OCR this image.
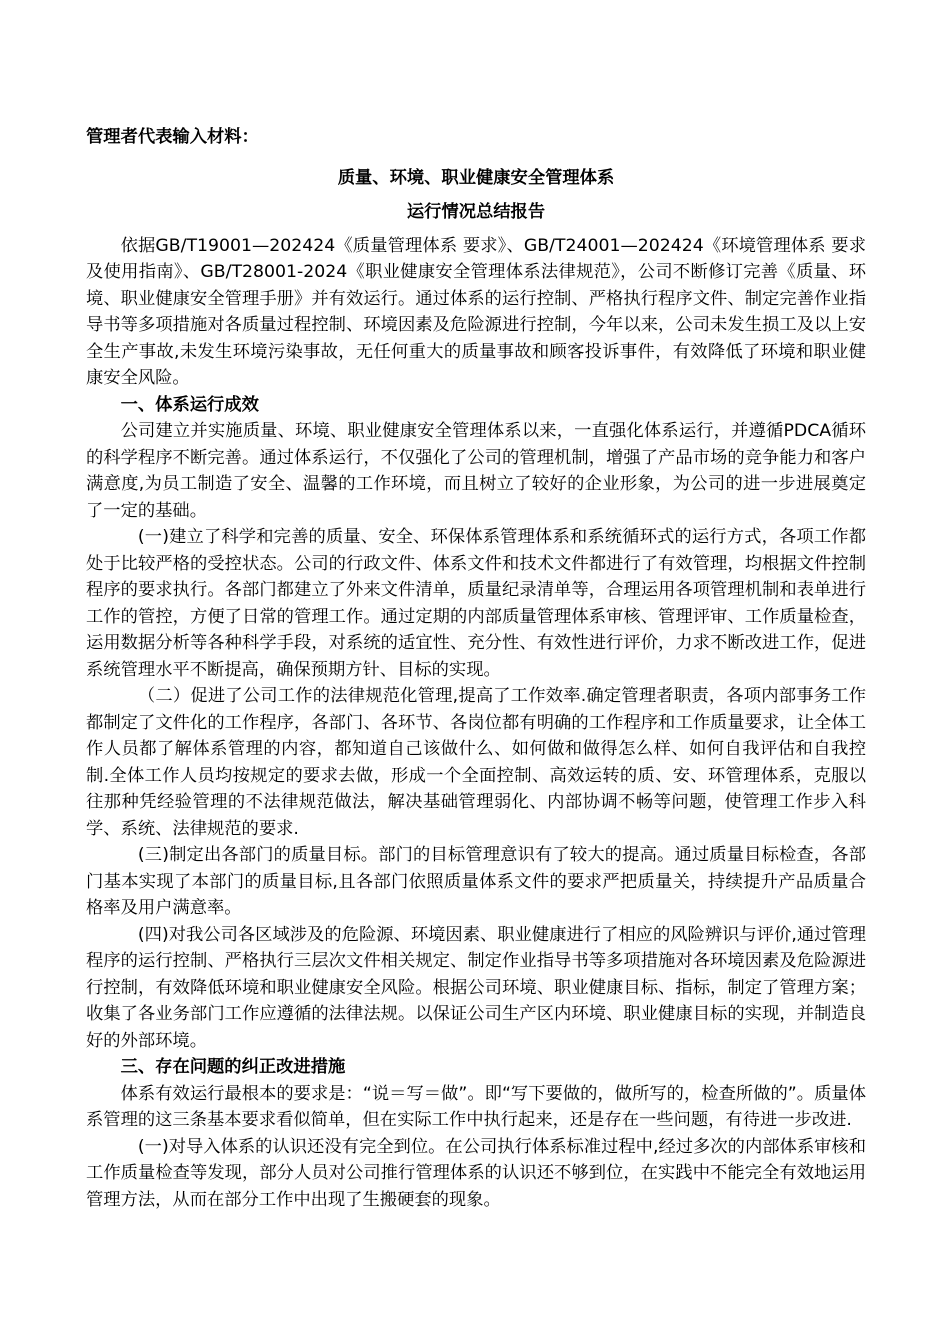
管理者代表输入材料：
质量、环境、职业健康安全管理体系
运行情况总结报告

依据GB/T19001—202424《质量管理体系 要求》、GB/T24001—202424《环境管理体系 要求及使用指南》、GB/T28001-2024《职业健康安全管理体系法律规范》，公司不断修订完善《质量、环境、职业健康安全管理手册》并有效运行。通过体系的运行控制、严格执行程序文件、制定完善作业指导书等多项措施对各质量过程控制、环境因素及危险源进行控制，今年以来，公司未发生损工及以上安全生产事故,未发生环境污染事故，无任何重大的质量事故和顾客投诉事件，有效降低了环境和职业健康安全风险。

一、体系运行成效

公司建立并实施质量、环境、职业健康安全管理体系以来，一直强化体系运行，并遵循PDCA循环的科学程序不断完善。通过体系运行，不仅强化了公司的管理机制，增强了产品市场的竞争能力和客户满意度,为员工制造了安全、温馨的工作环境，而且树立了较好的企业形象，为公司的进一步进展奠定了一定的基础。

(一)建立了科学和完善的质量、安全、环保体系管理体系和系统循环式的运行方式，各项工作都处于比较严格的受控状态。公司的行政文件、体系文件和技术文件都进行了有效管理，均根据文件控制程序的要求执行。各部门都建立了外来文件清单，质量纪录清单等，合理运用各项管理机制和表单进行工作的管控，方便了日常的管理工作。通过定期的内部质量管理体系审核、管理评审、工作质量检查，运用数据分析等各种科学手段，对系统的适宜性、充分性、有效性进行评价，力求不断改进工作，促进系统管理水平不断提高，确保预期方针、目标的实现。

（二）促进了公司工作的法律规范化管理,提高了工作效率.确定管理者职责，各项内部事务工作都制定了文件化的工作程序，各部门、各环节、各岗位都有明确的工作程序和工作质量要求，让全体工作人员都了解体系管理的内容，都知道自己该做什么、如何做和做得怎么样、如何自我评估和自我控制.全体工作人员均按规定的要求去做，形成一个全面控制、高效运转的质、安、环管理体系，克服以往那种凭经验管理的不法律规范做法，解决基础管理弱化、内部协调不畅等问题，使管理工作步入科学、系统、法律规范的要求.

(三)制定出各部门的质量目标。部门的目标管理意识有了较大的提高。通过质量目标检查，各部门基本实现了本部门的质量目标,且各部门依照质量体系文件的要求严把质量关，持续提升产品质量合格率及用户满意率。

(四)对我公司各区域涉及的危险源、环境因素、职业健康进行了相应的风险辨识与评价,通过管理程序的运行控制、严格执行三层次文件相关规定、制定作业指导书等多项措施对各环境因素及危险源进行控制，有效降低环境和职业健康安全风险。根据公司环境、职业健康目标、指标，制定了管理方案；收集了各业务部门工作应遵循的法律法规。以保证公司生产区内环境、职业健康目标的实现，并制造良好的外部环境。

三、存在问题的纠正改进措施

体系有效运行最根本的要求是：“说＝写＝做”。即“写下要做的，做所写的，检查所做的”。质量体系管理的这三条基本要求看似简单，但在实际工作中执行起来，还是存在一些问题，有待进一步改进.

(一)对导入体系的认识还没有完全到位。在公司执行体系标准过程中,经过多次的内部体系审核和工作质量检查等发现，部分人员对公司推行管理体系的认识还不够到位，在实践中不能完全有效地运用管理方法，从而在部分工作中出现了生搬硬套的现象。
